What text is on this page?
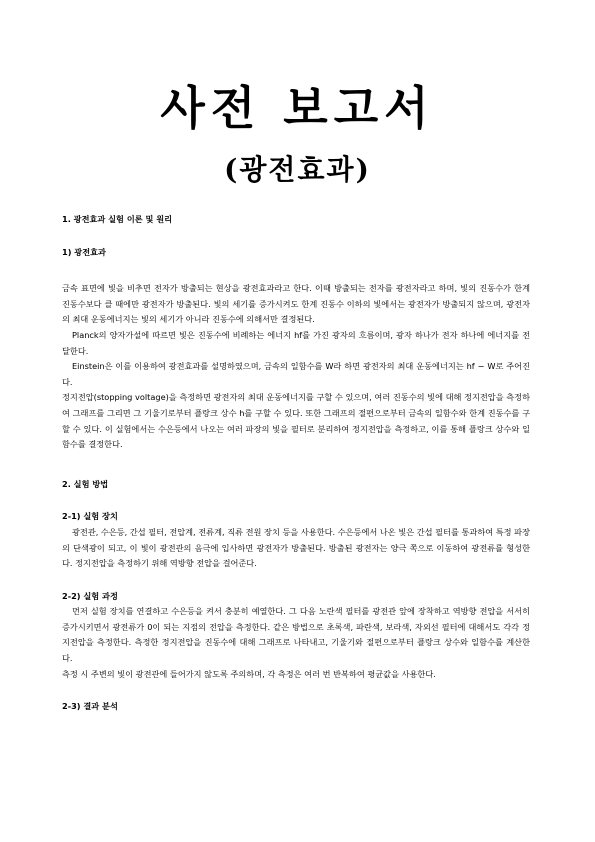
사전 보고서
(광전효과)

1. 광전효과 실험 이론 및 원리

1) 광전효과

금속 표면에 빛을 비추면 전자가 방출되는 현상을 광전효과라고 한다. 이때 방출되는 전자를 광전자라고 하며, 빛의 진동수가 한계 진동수보다 클 때에만 광전자가 방출된다. 빛의 세기를 증가시켜도 한계 진동수 이하의 빛에서는 광전자가 방출되지 않으며, 광전자의 최대 운동에너지는 빛의 세기가 아니라 진동수에 의해서만 결정된다.

Planck의 양자가설에 따르면 빛은 진동수에 비례하는 에너지 hf를 가진 광자의 흐름이며, 광자 하나가 전자 하나에 에너지를 전달한다.

Einstein은 이를 이용하여 광전효과를 설명하였으며, 금속의 일함수를 W라 하면 광전자의 최대 운동에너지는 hf − W로 주어진다.

정지전압(stopping voltage)을 측정하면 광전자의 최대 운동에너지를 구할 수 있으며, 여러 진동수의 빛에 대해 정지전압을 측정하여 그래프를 그리면 그 기울기로부터 플랑크 상수 h를 구할 수 있다. 또한 그래프의 절편으로부터 금속의 일함수와 한계 진동수를 구할 수 있다. 이 실험에서는 수은등에서 나오는 여러 파장의 빛을 필터로 분리하여 정지전압을 측정하고, 이를 통해 플랑크 상수와 일함수를 결정한다.

2. 실험 방법

2-1) 실험 장치

광전관, 수은등, 간섭 필터, 전압계, 전류계, 직류 전원 장치 등을 사용한다. 수은등에서 나온 빛은 간섭 필터를 통과하여 특정 파장의 단색광이 되고, 이 빛이 광전관의 음극에 입사하면 광전자가 방출된다. 방출된 광전자는 양극 쪽으로 이동하여 광전류를 형성한다. 정지전압을 측정하기 위해 역방향 전압을 걸어준다.

2-2) 실험 과정

먼저 실험 장치를 연결하고 수은등을 켜서 충분히 예열한다. 그 다음 노란색 필터를 광전관 앞에 장착하고 역방향 전압을 서서히 증가시키면서 광전류가 0이 되는 지점의 전압을 측정한다. 같은 방법으로 초록색, 파란색, 보라색, 자외선 필터에 대해서도 각각 정지전압을 측정한다. 측정한 정지전압을 진동수에 대해 그래프로 나타내고, 기울기와 절편으로부터 플랑크 상수와 일함수를 계산한다.

측정 시 주변의 빛이 광전관에 들어가지 않도록 주의하며, 각 측정은 여러 번 반복하여 평균값을 사용한다.

2-3) 결과 분석
